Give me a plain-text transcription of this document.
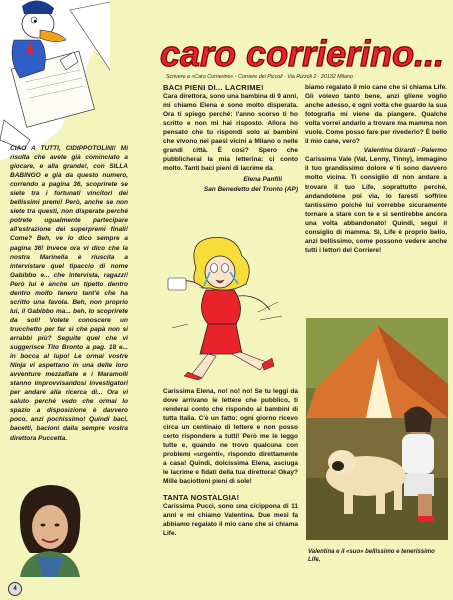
caro corrierino...
Scrivere a «Caro Corrierino» - Corriere dei Piccoli · Via Rizzoli 2 · 20132 Milano

CIAO A TUTTI, CIDIPPOTOLINI! Mi risulta che avete già cominciato a giocare, e alla grande!, con SILLA BABINGO e già da questo numero, correndo a pagina 36, scoprirete se siete tra i fortunati vincitori dei bellissimi premi! Però, anche se non siete tra questi, non disperate perché potrete ugualmente partecipare all'estrazione dei superpremi finali! Come? Beh, ve lo dico sempre a pagina 36! Invece ora vi dico che la nostra Marinella è riuscita a intervistare quel tipaccio di nome Gabibbo e... che intervista, ragazzi! Però lui è anche un tipetto dentro dentro molto tenero tant'è che ha scritto una favola. Beh, non proprio lui, il Gabibbo ma... beh, lo scoprirete da soli! Volete conoscere un trucchetto per far sì che papà non si arrabbi più? Seguite quel che vi suggerisce Tito Bronto a pag. 18 e... in bocca al lupo! Le ormai vostre Ninja vi aspettano in una delle loro avventure mezzafiate e i Maramolli stanno improvvisandosi investigatori per andare alla ricerca di... Ora vi saluto perché vedo che ormai lo spazio a disposizione è davvero poco, anzi pochissimo! Quindi baci, bacetti, bacioni dalla sempre vostra direttora Puccetta.

BACI PIENI DI... LACRIME!

Cara direttora, sono una bambina di 9 anni, mi chiamo Elena e sono molto disperata. Ora ti spiego perché: l'anno scorso ti ho scritto e non mi hai risposto. Allora ho pensato che tu rispondi solo ai bambini che vivono nei paesi vicini a Milano o nelle grandi città. È così? Spero che pubblicherai la mia letterina: ci conto molto. Tanti baci pieni di lacrime da

Elena Panfili
San Benedetto del Tronto (AP)

Carissima Elena, no! no! no! Se tu leggi da dove arrivano le lettere che pubblico, ti renderai conto che rispondo ai bambini di tutta Italia. C'è un fatto: ogni giorno ricevo circa un centinaio di lettere e non posso certo rispondere a tutti! Però me le leggo tutte e, quando ne trovo qualcuna con problemi «urgenti», rispondo direttamente a casa! Quindi, dolcissima Elena, asciuga le lacrime e fidati della tua direttora! Okay? Mille baciottoni pieni di sole!

TANTA NOSTALGIA!

Carissima Pucci, sono una cicippona di 11 anni e mi chiamo Valentina. Due mesi fa abbiamo regalato il mio cane che si chiama Life.

biamo regalato il mio cane che si chiama Life. Gli volevo tanto bene, anzi gliene voglio anche adesso, e ogni volta che guardo la sua fotografia mi viene da piangere. Qualche volta vorrei andarlo a trovare ma mamma non vuole. Come posso fare per rivederlo? È bello il mio cane, vero?

Valentina Girardi - Palermo

Carissima Vale (Val, Lenny, Tinny), immagino il tuo grandissimo dolore e ti sono davvero molto vicina. Ti consiglio di non andare a trovare il tuo Life, soprattutto perché, andandotene poi via, lo faresti soffrire tantissimo poiché lui vorrebbe sicuramente tornare a stare con te e si sentirebbe ancora una volta abbandonato! Quindi, segui il consiglio di mamma. Sì, Life è proprio bello, anzi bellissimo, come possono vedere anche tutti i lettori del Corriere!

Valentina e il «suo» bellissimo e tenerissimo Life.
4
